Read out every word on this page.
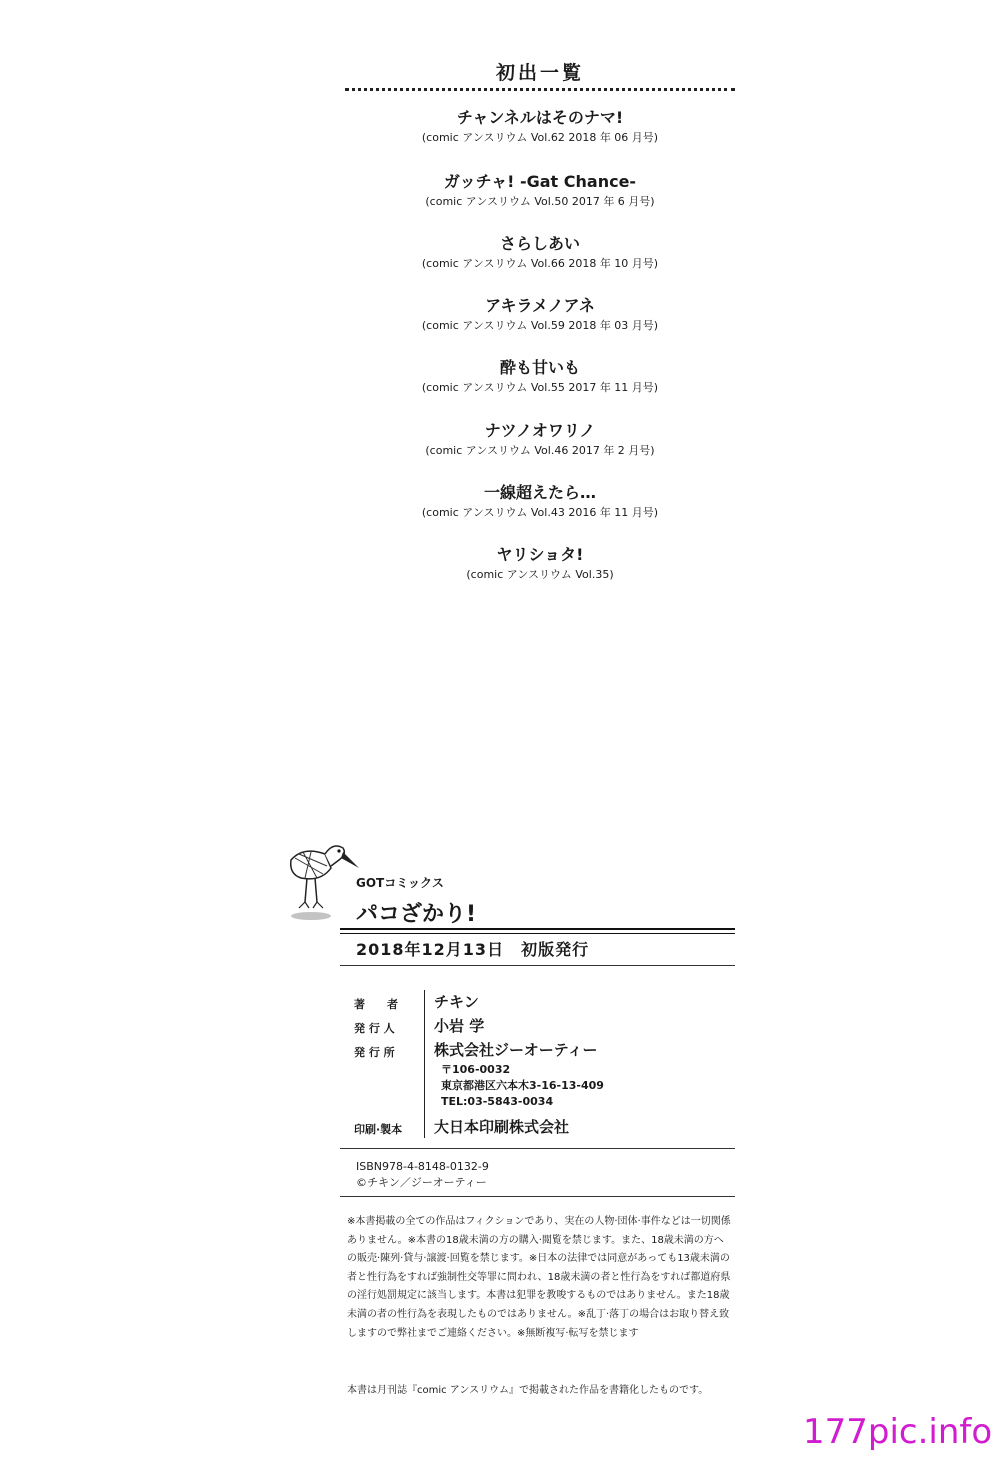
初出一覧
チャンネルはそのナマ!
(comic アンスリウム Vol.62 2018 年 06 月号)
ガッチャ! -Gat Chance-
(comic アンスリウム Vol.50 2017 年 6 月号)
さらしあい
(comic アンスリウム Vol.66 2018 年 10 月号)
アキラメノアネ
(comic アンスリウム Vol.59 2018 年 03 月号)
酔も甘いも
(comic アンスリウム Vol.55 2017 年 11 月号)
ナツノオワリノ
(comic アンスリウム Vol.46 2017 年 2 月号)
一線超えたら…
(comic アンスリウム Vol.43 2016 年 11 月号)
ヤリショタ!
(comic アンスリウム Vol.35)
GOTコミックス
パコざかり!
2018年12月13日　初版発行
著　　者	チキン
発 行 人	小岩 学
発 行 所	株式会社ジーオーティー
〒106-0032
東京都港区六本木3-16-13-409
TEL:03-5843-0034
印刷·製本	大日本印刷株式会社
ISBN978-4-8148-0132-9
©チキン／ジーオーティー
※本書掲載の全ての作品はフィクションであり、実在の人物·団体·事件などは一切関係ありません。※本書の18歳未満の方の購入·閲覧を禁じます。また、18歳未満の方への販売·陳列·貸与·譲渡·回覧を禁じます。※日本の法律では同意があっても13歳未満の者と性行為をすれば強制性交等罪に問われ、18歳未満の者と性行為をすれば都道府県の淫行処罰規定に該当します。本書は犯罪を教唆するものではありません。また18歳未満の者の性行為を表現したものではありません。※乱丁·落丁の場合はお取り替え致しますので弊社までご連絡ください。※無断複写·転写を禁じます
本書は月刊誌『comic アンスリウム』で掲載された作品を書籍化したものです。
177pic.info
